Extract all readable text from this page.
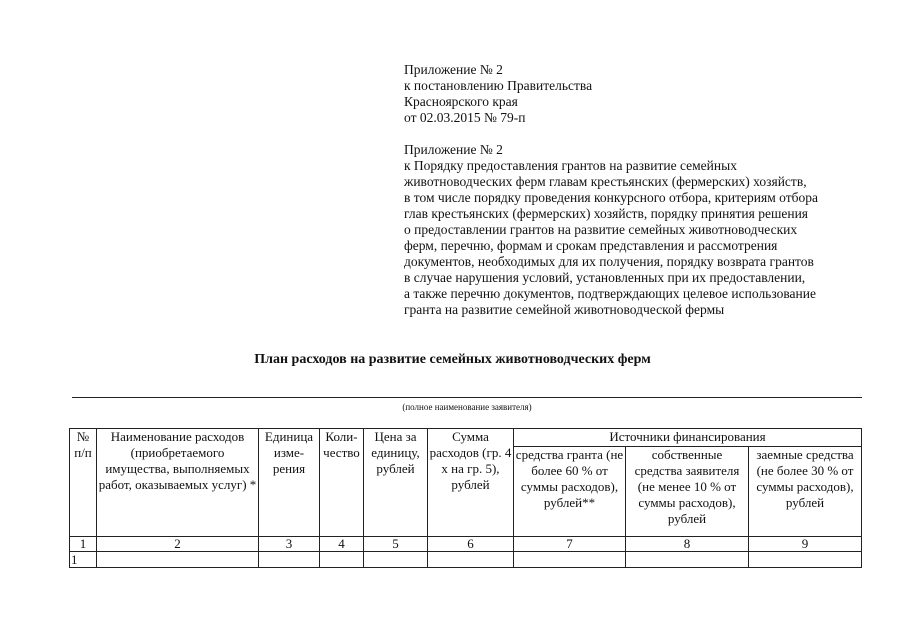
Приложение № 2
к постановлению Правительства
Красноярского края
от 02.03.2015 № 79-п
Приложение № 2
к Порядку предоставления грантов на развитие семейных
животноводческих ферм главам крестьянских (фермерских) хозяйств,
в том числе порядку проведения конкурсного отбора, критериям отбора
глав крестьянских (фермерских) хозяйств, порядку принятия решения
о предоставлении грантов на развитие семейных животноводческих
ферм, перечню, формам и срокам представления и рассмотрения
документов, необходимых для их получения, порядку возврата грантов
в случае нарушения условий, установленных при их предоставлении,
а также перечню документов, подтверждающих целевое использование
гранта на развитие семейной животноводческой фермы
План расходов на развитие семейных животноводческих ферм
(полное наименование заявителя)
№ п/п	Наименование расходов (приобретаемого имущества, выполняемых работ, оказываемых услуг) *	Единица изме-рения	Коли-чество	Цена за единицу, рублей	Сумма расходов (гр. 4 х на гр. 5), рублей	Источники финансирования		
						средства гранта (не более 60 % от суммы расходов), рублей**	собственные средства заявителя (не менее 10 % от суммы расходов), рублей	заемные средства (не более 30 % от суммы расходов), рублей
1	2	3	4	5	6	7	8	9
1								
